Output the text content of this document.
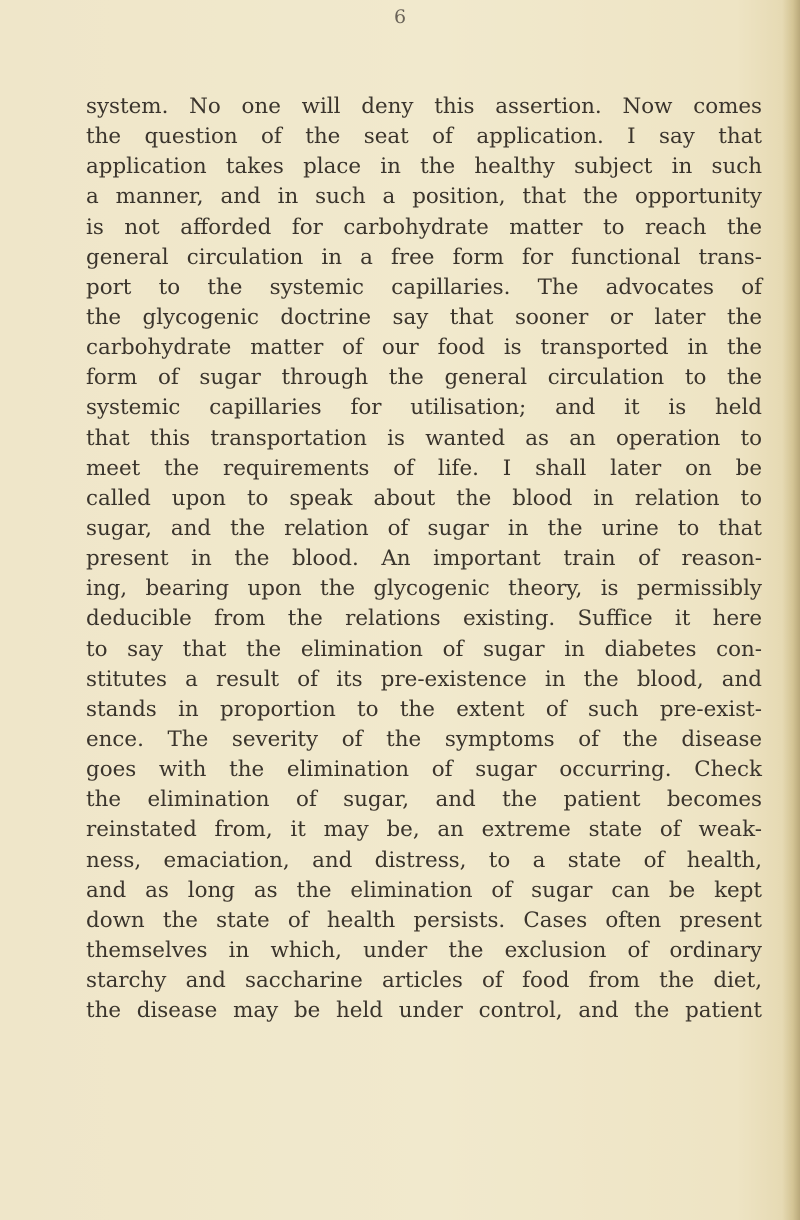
6
system. No one will deny this assertion. Now comes
the question of the seat of application. I say that
application takes place in the healthy subject in such
a manner, and in such a position, that the opportunity
is not afforded for carbohydrate matter to reach the
general circulation in a free form for functional trans-
port to the systemic capillaries. The advocates of
the glycogenic doctrine say that sooner or later the
carbohydrate matter of our food is transported in the
form of sugar through the general circulation to the
systemic capillaries for utilisation; and it is held
that this transportation is wanted as an operation to
meet the requirements of life. I shall later on be
called upon to speak about the blood in relation to
sugar, and the relation of sugar in the urine to that
present in the blood. An important train of reason-
ing, bearing upon the glycogenic theory, is permissibly
deducible from the relations existing. Suffice it here
to say that the elimination of sugar in diabetes con-
stitutes a result of its pre-existence in the blood, and
stands in proportion to the extent of such pre-exist-
ence. The severity of the symptoms of the disease
goes with the elimination of sugar occurring. Check
the elimination of sugar, and the patient becomes
reinstated from, it may be, an extreme state of weak-
ness, emaciation, and distress, to a state of health,
and as long as the elimination of sugar can be kept
down the state of health persists. Cases often present
themselves in which, under the exclusion of ordinary
starchy and saccharine articles of food from the diet,
the disease may be held under control, and the patient
